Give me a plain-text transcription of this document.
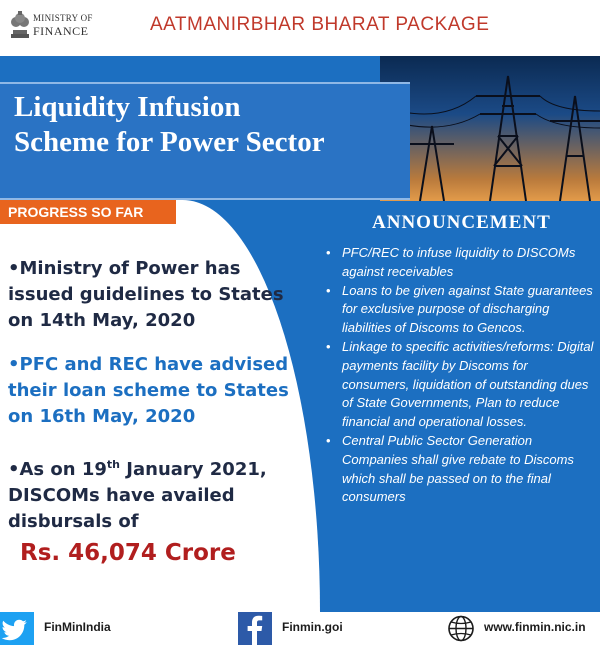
MINISTRY OF
FINANCE	AATMANIRBHAR BHARAT PACKAGE
Liquidity Infusion
Scheme for Power Sector
PROGRESS SO FAR
•Ministry of Power has issued guidelines to States on 14th May, 2020
•PFC and REC have advised their loan scheme to States on 16th May, 2020
•As on 19th January 2021, DISCOMs have availed disbursals of
Rs. 46,074 Crore
ANNOUNCEMENT
• PFC/REC to infuse liquidity to DISCOMs against receivables
• Loans to be given against State guarantees for exclusive purpose of discharging liabilities of Discoms to Gencos.
• Linkage to specific activities/reforms: Digital payments facility by Discoms for consumers, liquidation of outstanding dues of State Governments, Plan to reduce financial and operational losses.
• Central Public Sector Generation Companies shall give rebate to Discoms which shall be passed on to the final consumers
FinMinIndia	Finmin.goi	www.finmin.nic.in
